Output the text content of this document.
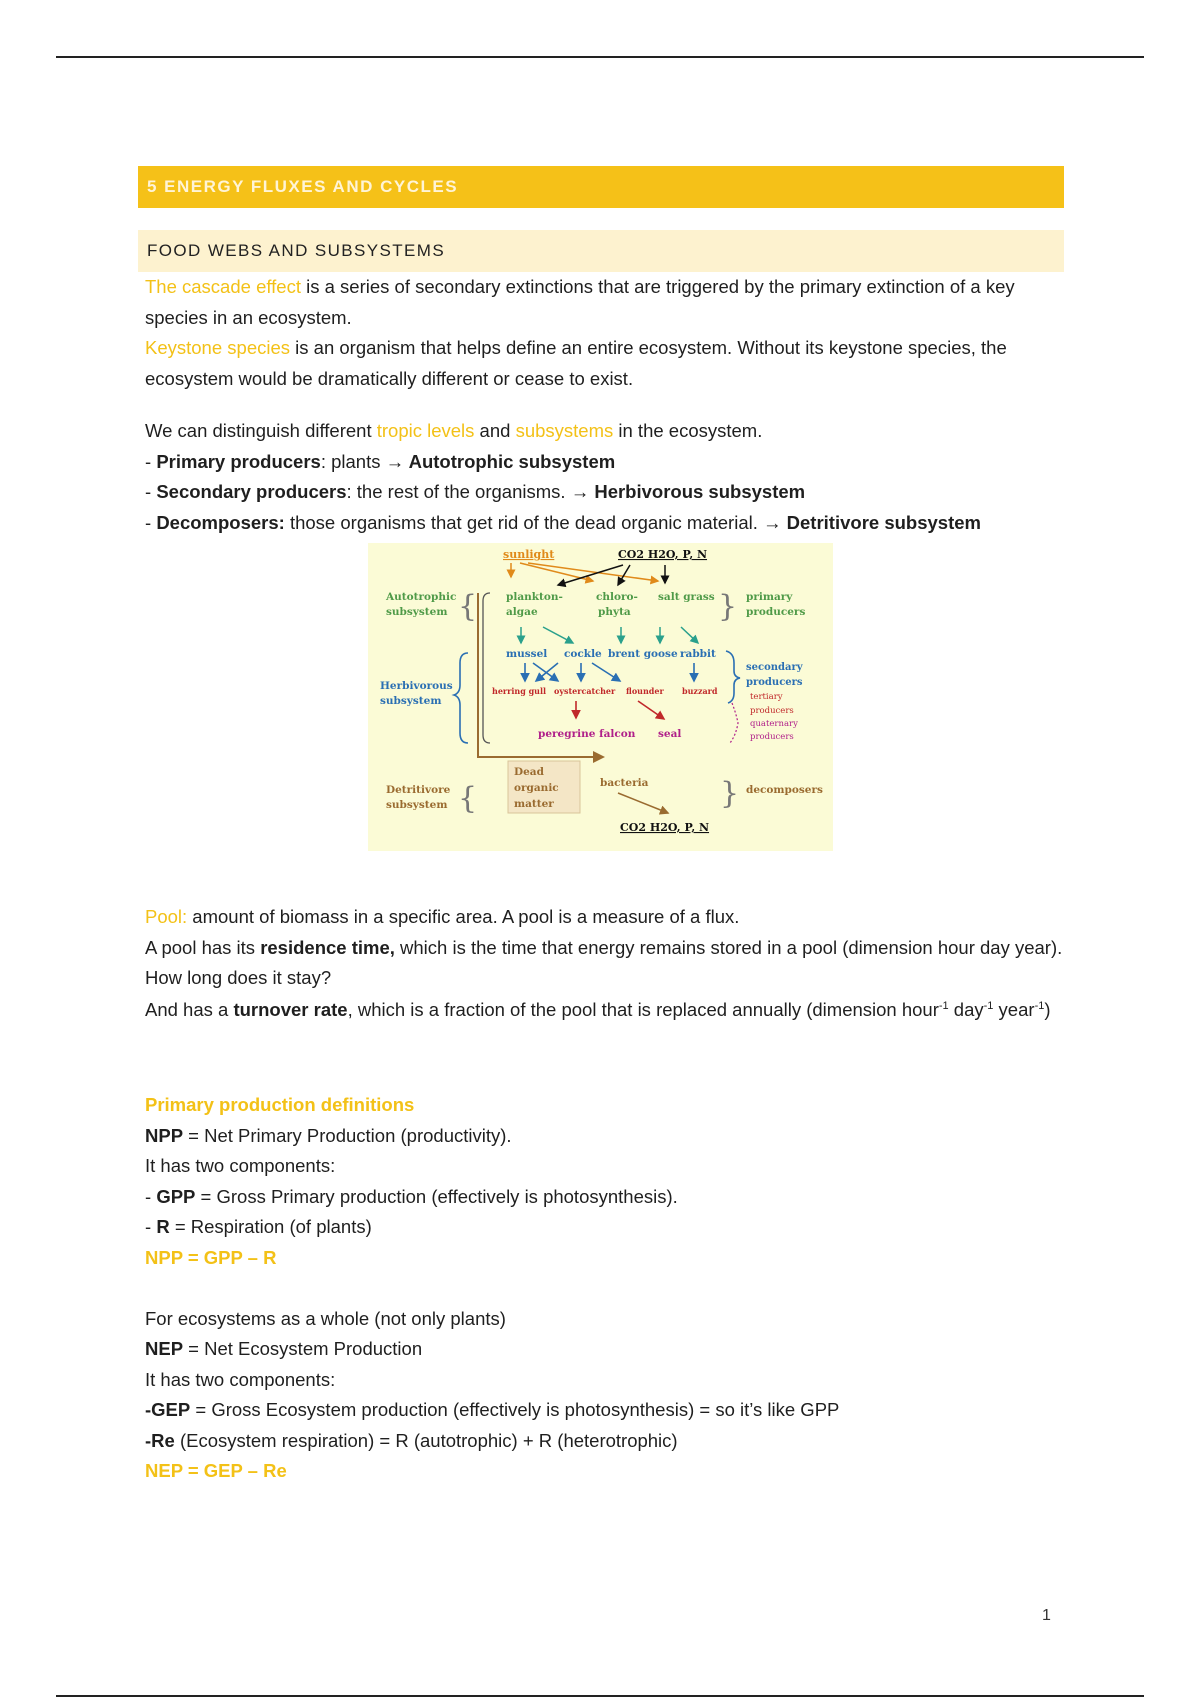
5 ENERGY FLUXES AND CYCLES
FOOD WEBS AND SUBSYSTEMS

The cascade effect is a series of secondary extinctions that are triggered by the primary extinction of a key species in an ecosystem.

Keystone species is an organism that helps define an entire ecosystem. Without its keystone species, the ecosystem would be dramatically different or cease to exist.

We can distinguish different tropic levels and subsystems in the ecosystem.

- Primary producers: plants → Autotrophic subsystem

- Secondary producers: the rest of the organisms. → Herbivorous subsystem

- Decomposers: those organisms that get rid of the dead organic material. → Detritivore subsystem

sunlight	CO2 H2O, P, N
Autotrophic
subsystem {
Herbivorous
subsystem
Detritivore
subsystem {
plankton-
algae
chloro-
phyta
salt grass
mussel cockle brent goose rabbit
herring gull oystercatcher flounder buzzard
peregrine falcon seal
Dead
organic
matter
bacteria
CO2 H2O, P, N
} primary
producers
secondary
producers
tertiary
producers
quaternary
producers
} decomposers

Pool: amount of biomass in a specific area. A pool is a measure of a flux.

A pool has its residence time, which is the time that energy remains stored in a pool (dimension hour day year). How long does it stay?

And has a turnover rate, which is a fraction of the pool that is replaced annually (dimension hour$^{-1}$ day$^{-1}$ year$^{-1}$)

Primary production definitions

NPP = Net Primary Production (productivity).

It has two components:

- GPP = Gross Primary production (effectively is photosynthesis).

- R = Respiration (of plants)

NPP = GPP – R

For ecosystems as a whole (not only plants)

NEP = Net Ecosystem Production

It has two components:

-GEP = Gross Ecosystem production (effectively is photosynthesis) = so it’s like GPP

-Re (Ecosystem respiration) = R (autotrophic) + R (heterotrophic)

NEP = GEP – Re

1
